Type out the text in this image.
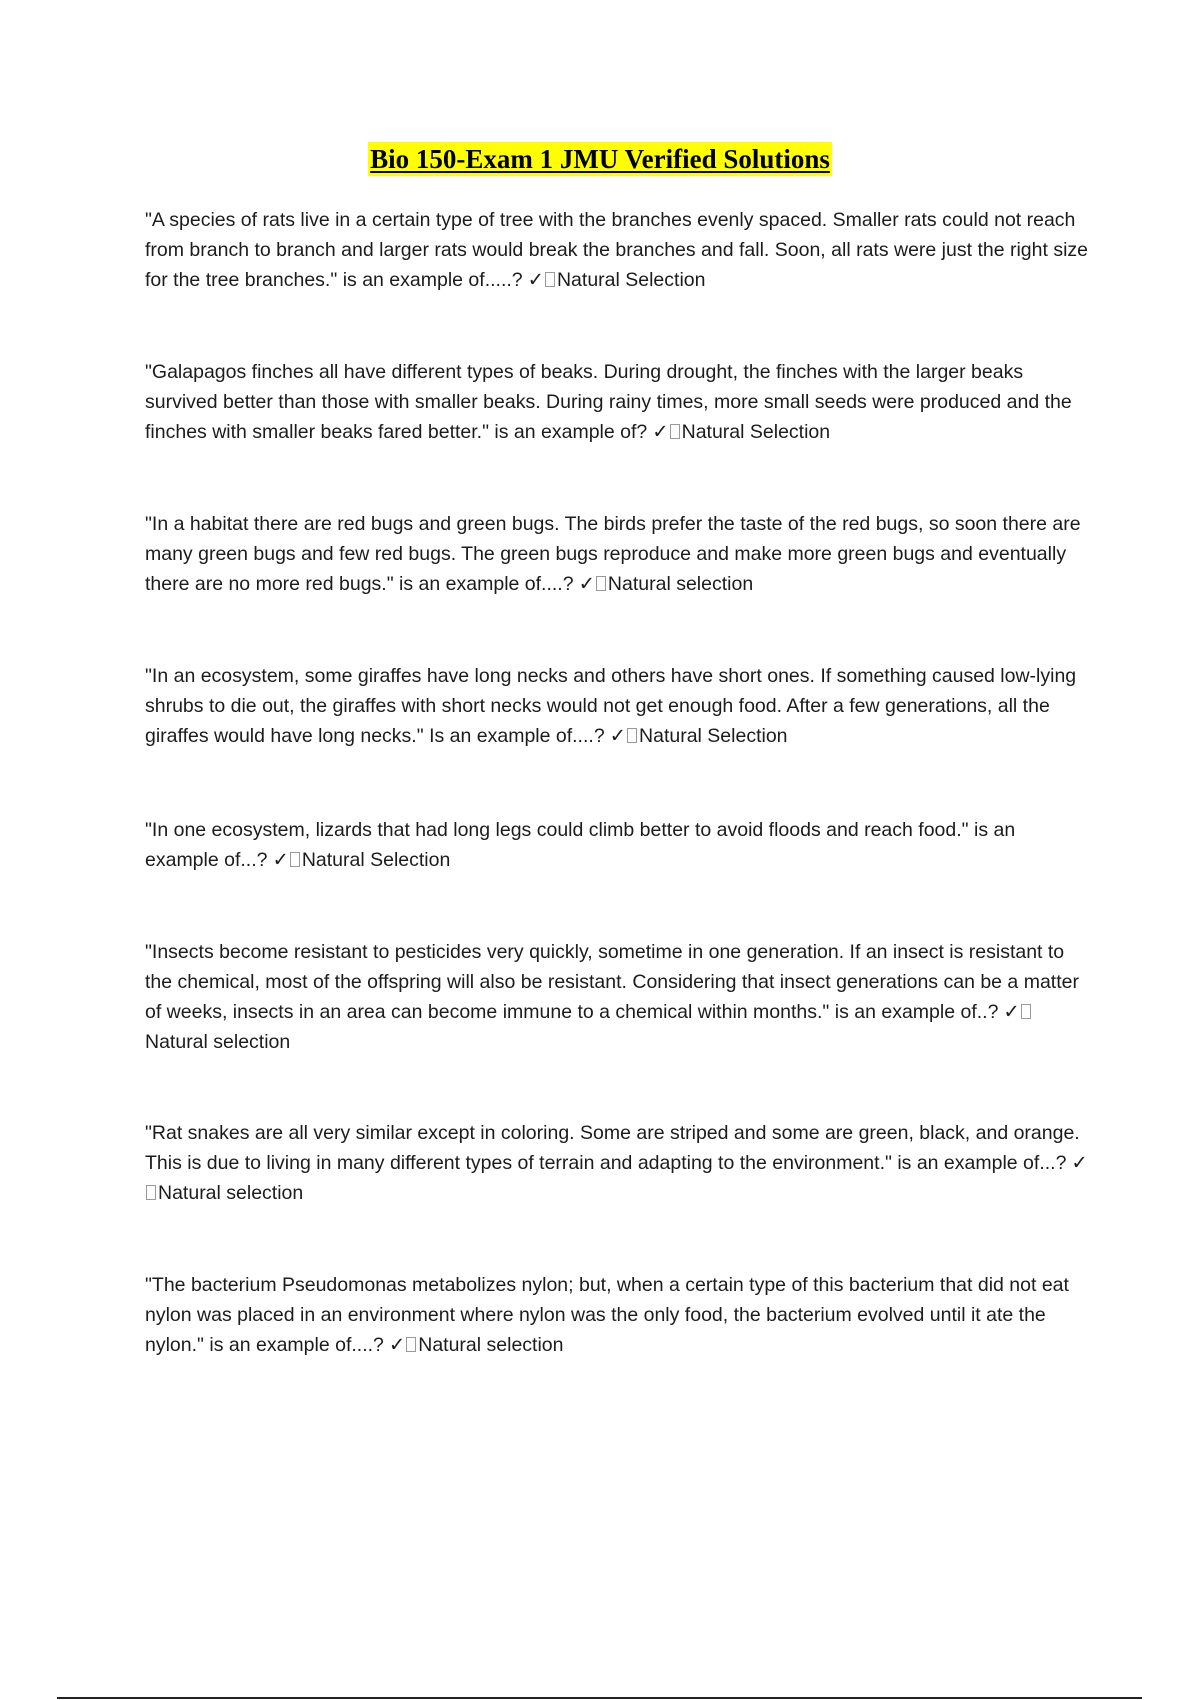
Bio 150-Exam 1 JMU Verified Solutions

"A species of rats live in a certain type of tree with the branches evenly spaced. Smaller rats could not reach from branch to branch and larger rats would break the branches and fall. Soon, all rats were just the right size for the tree branches." is an example of.....? ✓ Natural Selection

"Galapagos finches all have different types of beaks. During drought, the finches with the larger beaks survived better than those with smaller beaks. During rainy times, more small seeds were produced and the finches with smaller beaks fared better." is an example of? ✓ Natural Selection

"In a habitat there are red bugs and green bugs. The birds prefer the taste of the red bugs, so soon there are many green bugs and few red bugs. The green bugs reproduce and make more green bugs and eventually there are no more red bugs." is an example of....? ✓ Natural selection

"In an ecosystem, some giraffes have long necks and others have short ones. If something caused low-lying shrubs to die out, the giraffes with short necks would not get enough food. After a few generations, all the giraffes would have long necks." Is an example of....? ✓ Natural Selection

"In one ecosystem, lizards that had long legs could climb better to avoid floods and reach food." is an example of...? ✓ Natural Selection

"Insects become resistant to pesticides very quickly, sometime in one generation. If an insect is resistant to the chemical, most of the offspring will also be resistant. Considering that insect generations can be a matter of weeks, insects in an area can become immune to a chemical within months." is an example of..? ✓Natural selection

"Rat snakes are all very similar except in coloring. Some are striped and some are green, black, and orange. This is due to living in many different types of terrain and adapting to the environment." is an example of...? ✓Natural selection

"The bacterium Pseudomonas metabolizes nylon; but, when a certain type of this bacterium that did not eat nylon was placed in an environment where nylon was the only food, the bacterium evolved until it ate the nylon." is an example of....? ✓ Natural selection
